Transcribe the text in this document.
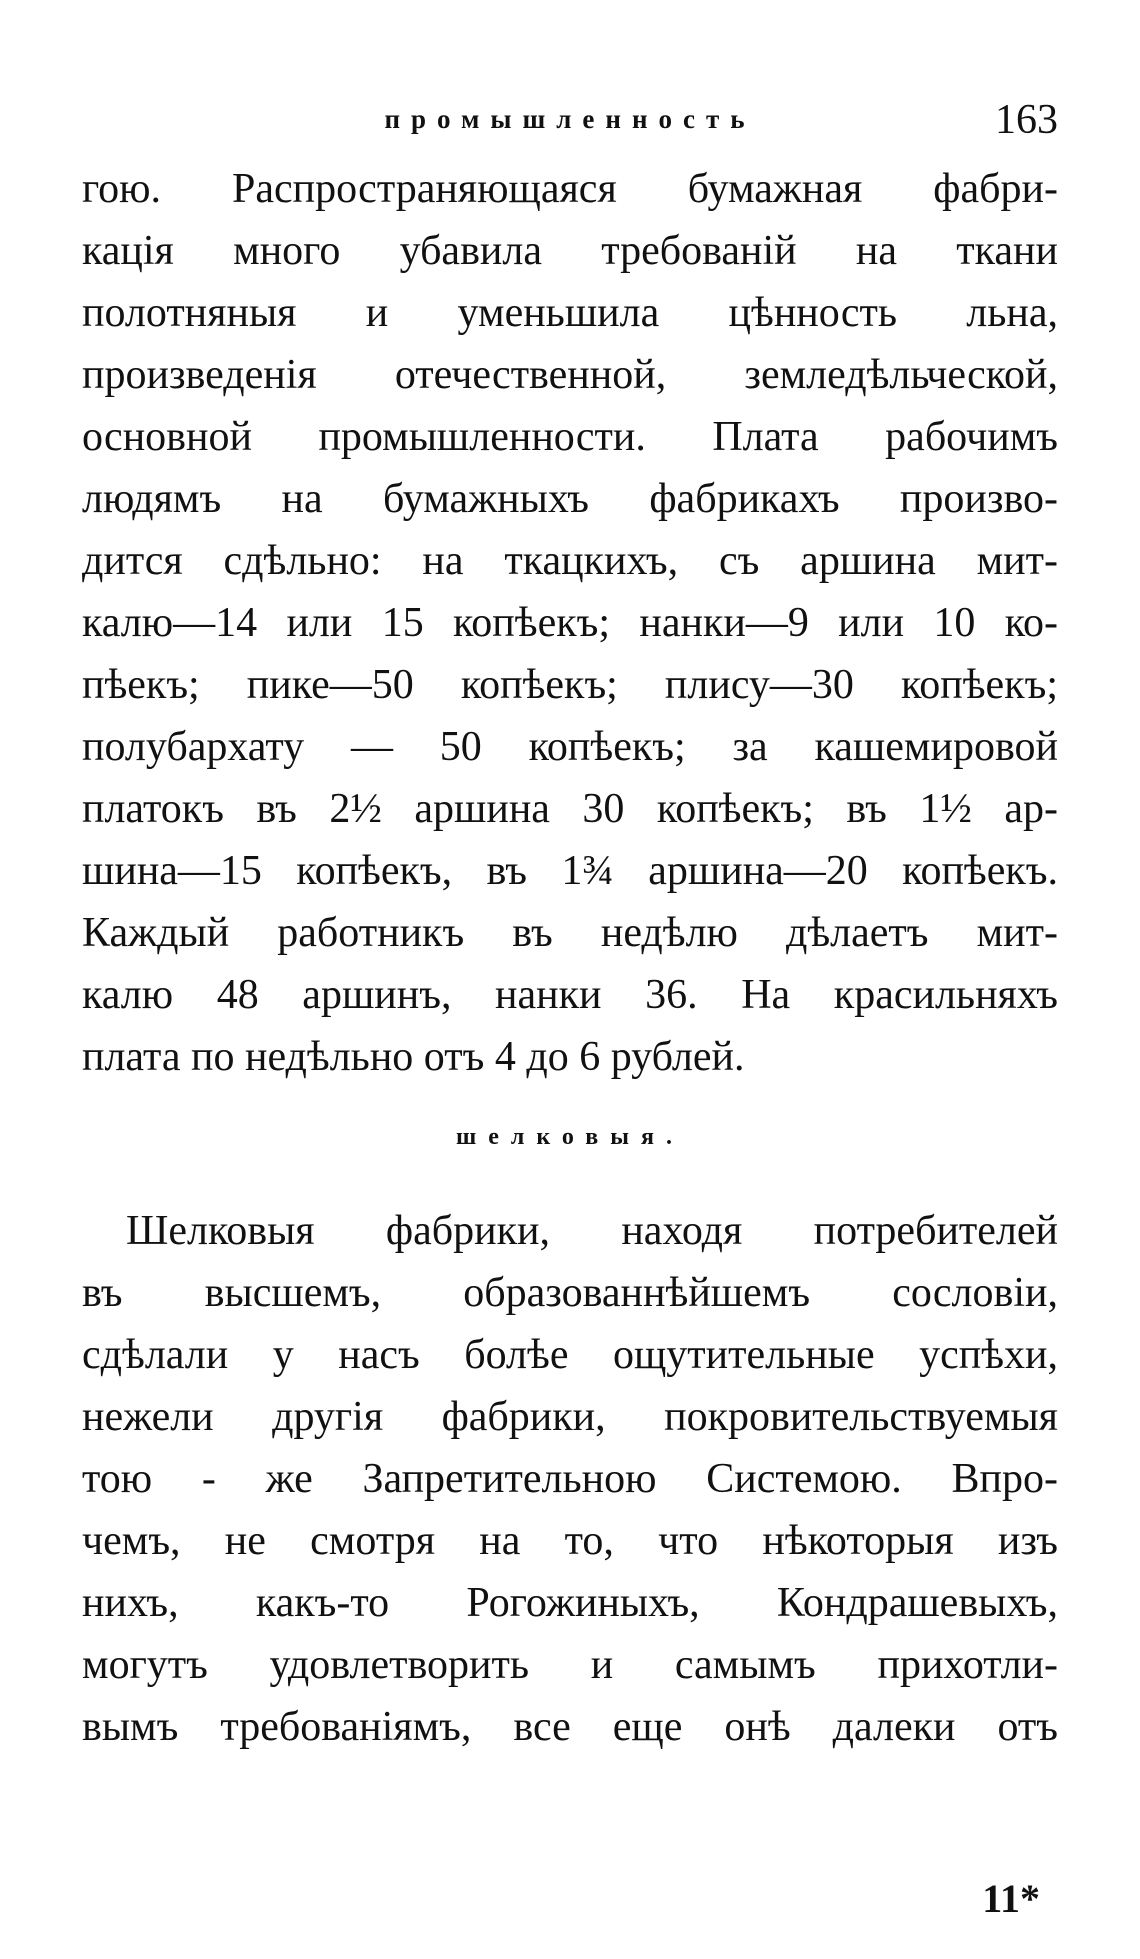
промышленность	163
гою. Распространяющаяся бумажная фабри-
кація много убавила требованій на ткани
полотняныя и уменьшила цѣнность льна,
произведенія отечественной, земледѣльческой,
основной промышленности. Плата рабочимъ
людямъ на бумажныхъ фабрикахъ произво-
дится сдѣльно: на ткацкихъ, съ аршина мит-
калю—14 или 15 копѣекъ; нанки—9 или 10 ко-
пѣекъ; пике—50 копѣекъ; плису—30 копѣекъ;
полубархату — 50 копѣекъ; за кашемировой
платокъ въ 2½ аршина 30 копѣекъ; въ 1½ ар-
шина—15 копѣекъ, въ 1¾ аршина—20 копѣекъ.
Каждый работникъ въ недѣлю дѣлаетъ мит-
калю 48 аршинъ, нанки 36. На красильняхъ
плата по недѣльно отъ 4 до 6 рублей.
шелковыя.
Шелковыя фабрики, находя потребителей
въ высшемъ, образованнѣйшемъ сословіи,
сдѣлали у насъ болѣе ощутительные успѣхи,
нежели другія фабрики, покровительствуемыя
тою - же Запретительною Системою. Впро-
чемъ, не смотря на то, что нѣкоторыя изъ
нихъ, какъ-то Рогожиныхъ, Кондрашевыхъ,
могутъ удовлетворить и самымъ прихотли-
вымъ требованіямъ, все еще онѣ далеки отъ
11*
